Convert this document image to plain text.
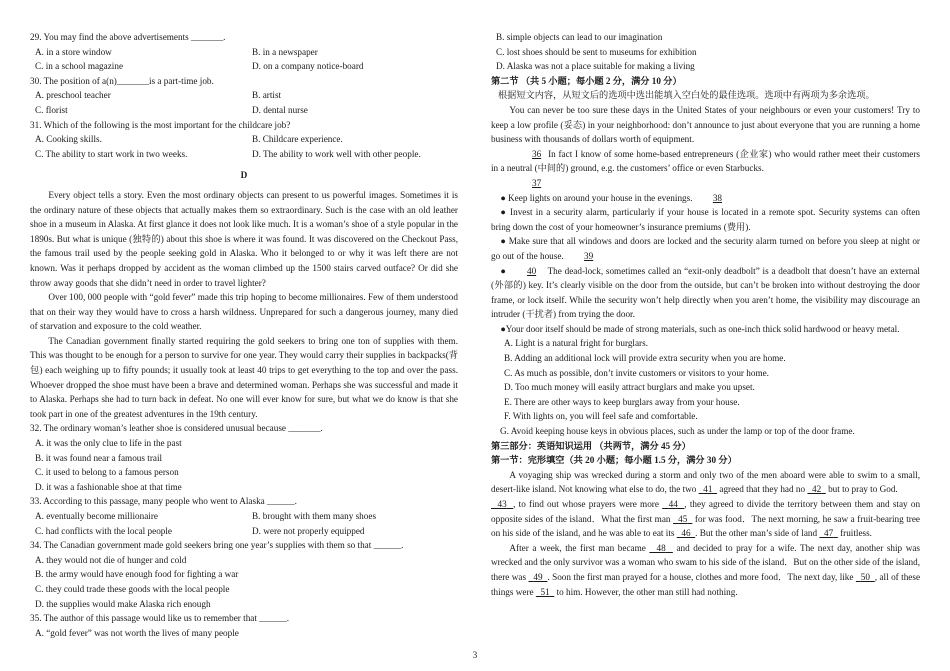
29. You may find the above advertisements _______.
A. in a store window	B. in a newspaper
C. in a school magazine	D. on a company notice-board
30. The position of a(n)_______is a part-time job.
A. preschool teacher	B. artist
C. florist	D. dental nurse
31. Which of the following is the most important for the childcare job?
A. Cooking skills.	B. Childcare experience.
C. The ability to start work in two weeks.	D. The ability to work well with other people.
D

Every object tells a story. Even the most ordinary objects can present to us powerful images. Sometimes it is the ordinary nature of these objects that actually makes them so extraordinary. Such is the case with an old leather shoe in a museum in Alaska. At first glance it does not look like much. It is a woman’s shoe of a style popular in the 1890s. But what is unique (独特的) about this shoe is where it was found. It was discovered on the Checkout Pass, the famous trail used by the people seeking gold in Alaska. Who it belonged to or why it was left there are not known. Was it perhaps dropped by accident as the woman climbed up the 1500 stairs carved outface? Or did she throw away goods that she didn’t need in order to travel lighter?

Over 100, 000 people with “gold fever” made this trip hoping to become millionaires. Few of them understood that on their way they would have to cross a harsh wildness. Unprepared for such a dangerous journey, many died of starvation and exposure to the cold weather.

The Canadian government finally started requiring the gold seekers to bring one ton of supplies with them. This was thought to be enough for a person to survive for one year. They would carry their supplies in backpacks(背包) each weighing up to fifty pounds; it usually took at least 40 trips to get everything to the top and over the pass. Whoever dropped the shoe must have been a brave and determined woman. Perhaps she was successful and made it to Alaska. Perhaps she had to turn back in defeat. No one will ever know for sure, but what we do know is that she took part in one of the greatest adventures in the 19th century.

32. The ordinary woman’s leather shoe is considered unusual because _______.
A. it was the only clue to life in the past
B. it was found near a famous trail
C. it used to belong to a famous person
D. it was a fashionable shoe at that time
33. According to this passage, many people who went to Alaska ______.
A. eventually become millionaire	B. brought with them many shoes
C. had conflicts with the local people	D. were not properly equipped
34. The Canadian government made gold seekers bring one year’s supplies with them so that ______.
A. they would not die of hunger and cold
B. the army would have enough food for fighting a war
C. they could trade these goods with the local people
D. the supplies would make Alaska rich enough
35. The author of this passage would like us to remember that ______.
A. “gold fever” was not worth the lives of many people
B. simple objects can lead to our imagination
C. lost shoes should be sent to museums for exhibition
D. Alaska was not a place suitable for making a living
第二节 （共 5 小题；每小题 2 分，满分 10 分）
根据短文内容，从短文后的选项中选出能填入空白处的最佳选项。选项中有两项为多余选项。

You can never be too sure these days in the United States of your neighbours or even your customers! Try to keep a low profile (妥态) in your neighborhood: don’t announce to just about everyone that you are running a home business with thousands of dollars worth of equipment.

36 In fact I know of some home-based entrepreneurs (企业家) who would rather meet their customers in a neutral (中间的) ground, e.g. the customers’ office or even Starbucks.

37

● Keep lights on around your house in the evenings. 38

● Invest in a security alarm, particularly if your house is located in a remote spot. Security systems can often bring down the cost of your homeowner’s insurance premiums (费用).

● Make sure that all windows and doors are locked and the security alarm turned on before you sleep at night or go out of the house. 39

● 40 The dead-lock, sometimes called an “exit-only deadbolt” is a deadbolt that doesn’t have an external (外部的) key. It’s clearly visible on the door from the outside, but can’t be broken into without destroying the door frame, or lock itself. While the security won’t help directly when you aren’t home, the visibility may discourage an intruder (干扰者) from trying the door.

●Your door itself should be made of strong materials, such as one-inch thick solid hardwood or heavy metal.

A. Light is a natural fright for burglars.
B. Adding an additional lock will provide extra security when you are home.
C. As much as possible, don’t invite customers or visitors to your home.
D. Too much money will easily attract burglars and make you upset.
E. There are other ways to keep burglars away from your house.
F. With lights on, you will feel safe and comfortable.
G. Avoid keeping house keys in obvious places, such as under the lamp or top of the door frame.
第三部分：英语知识运用 （共两节，满分 45 分）
第一节：完形填空（共 20 小题；每小题 1.5 分，满分 30 分）

A voyaging ship was wrecked during a storm and only two of the men aboard were able to swim to a small, desert-like island. Not knowing what else to do, the two   41   agreed that they had no   42   but to pray to God.

43 , to find out whose prayers were more   44 , they agreed to divide the territory between them and stay on opposite sides of the island．What the first man   45   for was food．The next morning, he saw a fruit-bearing tree on his side of the island, and he was able to eat its   46 . But the other man’s side of land   47   fruitless.

After a week, the first man became   48   and decided to pray for a wife. The next day, another ship was wrecked and the only survivor was a woman who swam to his side of the island．But on the other side of the island, there was   49 . Soon the first man prayed for a house, clothes and more food．The next day, like   50 , all of these things were   51   to him. However, the other man still had nothing.

3
